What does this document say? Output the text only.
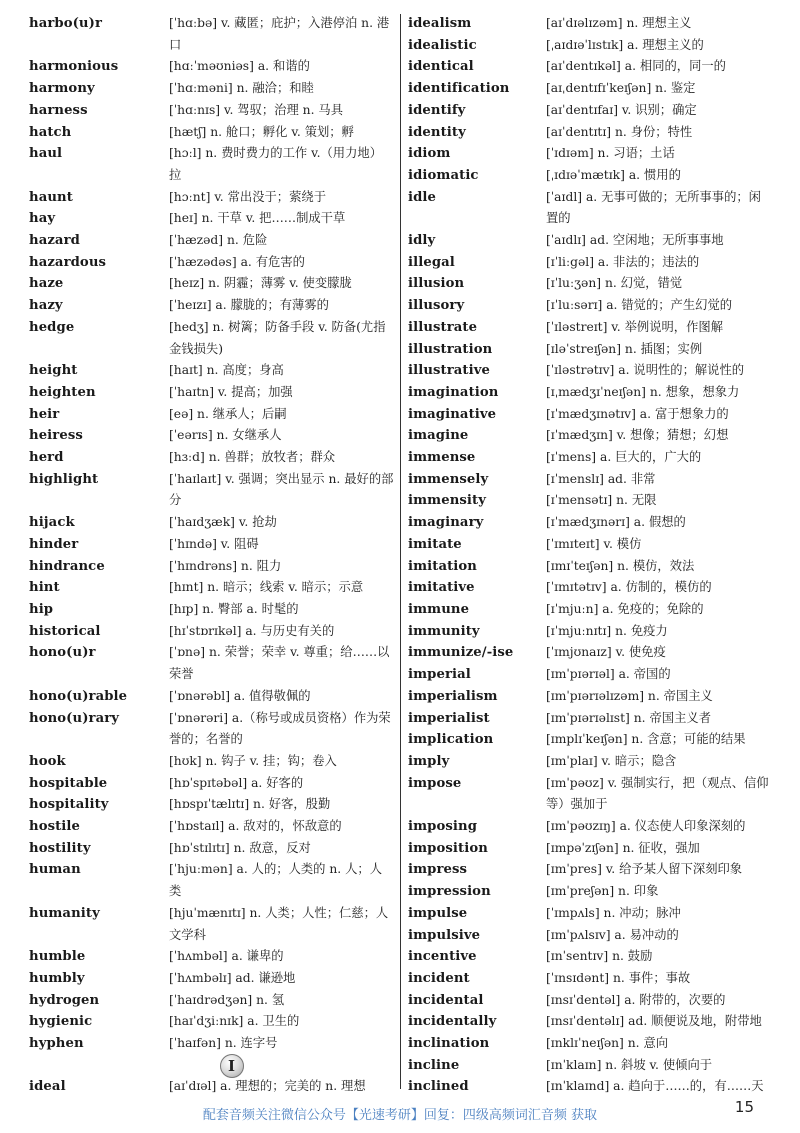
harbo(u)r	[ˈhɑːbə] v. 藏匿；庇护；入港停泊 n. 港口
harmonious	[hɑːˈməʊniəs] a. 和谐的
harmony	[ˈhɑːməni] n. 融洽；和睦
harness	[ˈhɑːnɪs] v. 驾驭；治理 n. 马具
hatch	[hætʃ] n. 舱口；孵化 v. 策划；孵
haul	[hɔːl] n. 费时费力的工作 v.（用力地）拉
haunt	[hɔːnt] v. 常出没于；萦绕于
hay	[heɪ] n. 干草 v. 把……制成干草
hazard	[ˈhæzəd] n. 危险
hazardous	[ˈhæzədəs] a. 有危害的
haze	[heɪz] n. 阴霾；薄雾 v. 使变朦胧
hazy	[ˈheɪzɪ] a. 朦胧的；有薄雾的
hedge	[hedʒ] n. 树篱；防备手段 v. 防备(尤指金钱损失)
height	[haɪt] n. 高度；身高
heighten	[ˈhaɪtn] v. 提高；加强
heir	[eə] n. 继承人；后嗣
heiress	[ˈeərɪs] n. 女继承人
herd	[hɜːd] n. 兽群；放牧者；群众
highlight	[ˈhaɪlaɪt] v. 强调；突出显示 n. 最好的部分
hijack	[ˈhaɪdʒæk] v. 抢劫
hinder	[ˈhɪndə] v. 阻碍
hindrance	[ˈhɪndrəns] n. 阻力
hint	[hɪnt] n. 暗示；线索 v. 暗示；示意
hip	[hɪp] n. 臀部 a. 时髦的
historical	[hɪˈstɒrɪkəl] a. 与历史有关的
hono(u)r	[ˈɒnə] n. 荣誉；荣幸 v. 尊重；给……以荣誉
hono(u)rable	[ˈɒnərəbl] a. 值得敬佩的
hono(u)rary	[ˈɒnərəri] a.（称号或成员资格）作为荣誉的；名誉的
hook	[hʊk] n. 钩子 v. 挂；钩；卷入
hospitable	[hɒˈspɪtəbəl] a. 好客的
hospitality	[hɒspɪˈtælɪtɪ] n. 好客，殷勤
hostile	[ˈhɒstaɪl] a. 敌对的，怀敌意的
hostility	[hɒˈstɪlɪtɪ] n. 敌意，反对
human	[ˈhjuːmən] a. 人的；人类的 n. 人；人类
humanity	[hjuˈmænɪtɪ] n. 人类；人性；仁慈；人文学科
humble	[ˈhʌmbəl] a. 谦卑的
humbly	[ˈhʌmbəlɪ] ad. 谦逊地
hydrogen	[ˈhaɪdrədʒən] n. 氢
hygienic	[haɪˈdʒiːnɪk] a. 卫生的
hyphen	[ˈhaɪfən] n. 连字号
I
ideal	[aɪˈdɪəl] a. 理想的；完美的 n. 理想
idealism	[aɪˈdɪəlɪzəm] n. 理想主义
idealistic	[ˌaɪdɪəˈlɪstɪk] a. 理想主义的
identical	[aɪˈdentɪkəl] a. 相同的，同一的
identification	[aɪˌdentɪfɪˈkeɪʃən] n. 鉴定
identify	[aɪˈdentɪfaɪ] v. 识别；确定
identity	[aɪˈdentɪtɪ] n. 身份；特性
idiom	[ˈɪdɪəm] n. 习语；土话
idiomatic	[ˌɪdɪəˈmætɪk] a. 惯用的
idle	[ˈaɪdl] a. 无事可做的；无所事事的；闲置的
idly	[ˈaɪdlɪ] ad. 空闲地；无所事事地
illegal	[ɪˈliːgəl] a. 非法的；违法的
illusion	[ɪˈluːʒən] n. 幻觉，错觉
illusory	[ɪˈluːsərɪ] a. 错觉的；产生幻觉的
illustrate	[ˈɪləstreɪt] v. 举例说明，作图解
illustration	[ɪləˈstreɪʃən] n. 插图；实例
illustrative	[ˈɪləstrətɪv] a. 说明性的；解说性的
imagination	[ɪˌmædʒɪˈneɪʃən] n. 想象，想象力
imaginative	[ɪˈmædʒɪnətɪv] a. 富于想象力的
imagine	[ɪˈmædʒɪn] v. 想像；猜想；幻想
immense	[ɪˈmens] a. 巨大的，广大的
immensely	[ɪˈmenslɪ] ad. 非常
immensity	[ɪˈmensətɪ] n. 无限
imaginary	[ɪˈmædʒɪnərɪ] a. 假想的
imitate	[ˈɪmɪteɪt] v. 模仿
imitation	[ɪmɪˈteɪʃən] n. 模仿，效法
imitative	[ˈɪmɪtətɪv] a. 仿制的，模仿的
immune	[ɪˈmjuːn] a. 免疫的；免除的
immunity	[ɪˈmjuːnɪtɪ] n. 免疫力
immunize/-ise	[ˈɪmjʊnaɪz] v. 使免疫
imperial	[ɪmˈpɪərɪəl] a. 帝国的
imperialism	[ɪmˈpɪərɪəlɪzəm] n. 帝国主义
imperialist	[ɪmˈpɪərɪəlɪst] n. 帝国主义者
implication	[ɪmplɪˈkeɪʃən] n. 含意；可能的结果
imply	[ɪmˈplaɪ] v. 暗示；隐含
impose	[ɪmˈpəʊz] v. 强制实行，把（观点、信仰等）强加于
imposing	[ɪmˈpəʊzɪŋ] a. 仪态使人印象深刻的
imposition	[ɪmpəˈzɪʃən] n. 征收，强加
impress	[ɪmˈpres] v. 给予某人留下深刻印象
impression	[ɪmˈpreʃən] n. 印象
impulse	[ˈɪmpʌls] n. 冲动；脉冲
impulsive	[ɪmˈpʌlsɪv] a. 易冲动的
incentive	[ɪnˈsentɪv] n. 鼓励
incident	[ˈɪnsɪdənt] n. 事件；事故
incidental	[ɪnsɪˈdentəl] a. 附带的，次要的
incidentally	[ɪnsɪˈdentəlɪ] ad. 顺便说及地，附带地
inclination	[ɪnklɪˈneɪʃən] n. 意向
incline	[ɪnˈklaɪn] n. 斜坡 v. 使倾向于
inclined	[ɪnˈklaɪnd] a. 趋向于……的，有……天
配套音频关注微信公众号【光速考研】回复：四级高频词汇音频 获取	15
